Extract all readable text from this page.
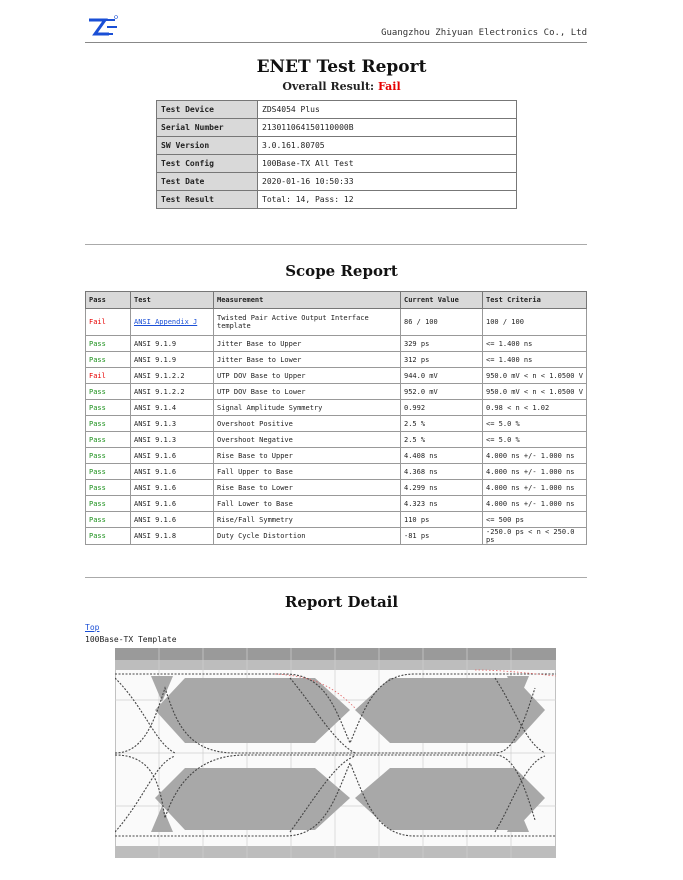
Guangzhou Zhiyuan Electronics Co., Ltd
ENET Test Report
Overall Result: Fail
Test Device	ZDS4054 Plus
Serial Number	213011064150110000B
SW Version	3.0.161.80705
Test Config	100Base-TX All Test
Test Date	2020-01-16 10:50:33
Test Result	Total: 14, Pass: 12
Scope Report
Pass	Test	Measurement	Current Value	Test Criteria
Fail	ANSI Appendix J	Twisted Pair Active Output Interface template	86 / 100	100 / 100
Pass	ANSI 9.1.9	Jitter Base to Upper	329 ps	<= 1.400 ns
Pass	ANSI 9.1.9	Jitter Base to Lower	312 ps	<= 1.400 ns
Fail	ANSI 9.1.2.2	UTP DOV Base to Upper	944.0 mV	950.0 mV < n < 1.0500 V
Pass	ANSI 9.1.2.2	UTP DOV Base to Lower	952.0 mV	950.0 mV < n < 1.0500 V
Pass	ANSI 9.1.4	Signal Amplitude Symmetry	0.992	0.98 < n < 1.02
Pass	ANSI 9.1.3	Overshoot Positive	2.5 %	<= 5.0 %
Pass	ANSI 9.1.3	Overshoot Negative	2.5 %	<= 5.0 %
Pass	ANSI 9.1.6	Rise Base to Upper	4.408 ns	4.000 ns +/- 1.000 ns
Pass	ANSI 9.1.6	Fall Upper to Base	4.368 ns	4.000 ns +/- 1.000 ns
Pass	ANSI 9.1.6	Rise Base to Lower	4.299 ns	4.000 ns +/- 1.000 ns
Pass	ANSI 9.1.6	Fall Lower to Base	4.323 ns	4.000 ns +/- 1.000 ns
Pass	ANSI 9.1.6	Rise/Fall Symmetry	110 ps	<= 500 ps
Pass	ANSI 9.1.8	Duty Cycle Distortion	-81 ps	-250.0 ps < n < 250.0 ps
Report Detail
Top
100Base-TX Template
